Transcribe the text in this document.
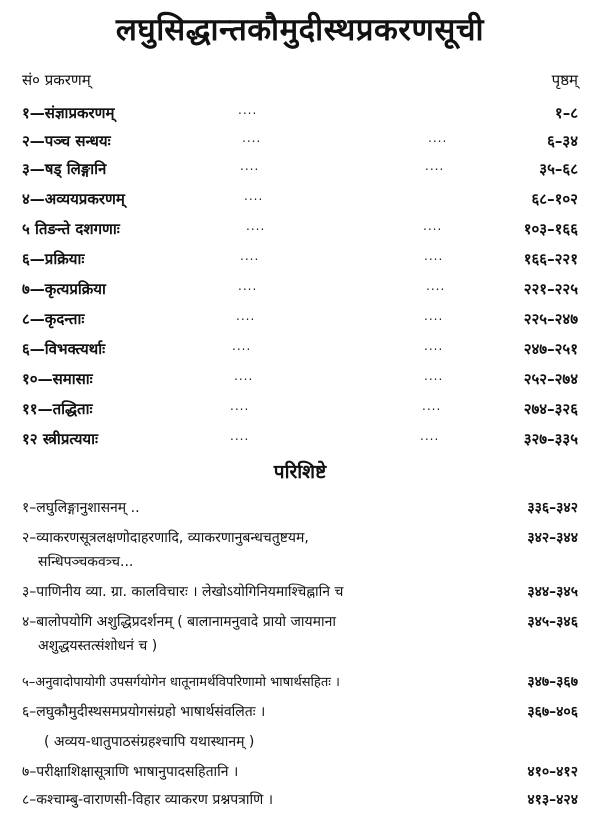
लघुसिद्धान्तकौमुदीस्थप्रकरणसूची
सं० प्रकरणम्	पृष्ठम्
१—संज्ञाप्रकरणम्	....	१–८
२—पञ्च सन्धयः	....	....	६–३४
३—षड् लिङ्गानि	....	....	३५–६८
४—अव्ययप्रकरणम्	....	६८–१०२
५ तिङन्ते दशगणाः	....	....	१०३–१६६
६—प्रक्रियाः	....	....	१६६–२२१
७—कृत्यप्रक्रिया	....	....	२२१–२२५
८—कृदन्ताः	....	....	२२५–२४७
६—विभक्त्यर्थाः	....	....	२४७–२५१
१०—समासाः	....	....	२५२–२७४
११—तद्धिताः	....	....	२७४–३२६
१२ स्त्रीप्रत्ययाः	....	....	३२७–३३५
परिशिष्टे
१–लघुलिङ्गानुशासनम् ..	३३६–३४२
२–व्याकरणसूत्रलक्षणोदाहरणादि, व्याकरणानुबन्धचतुष्टयम,	३४२–३४४
सन्धिपञ्चकवत्र्च...
३–पाणिनीय व्या. ग्रा. कालविचारः । लेखोऽयोगिनियमाश्चिह्नानि च	३४४–३४५
४–बालोपयोगि अशुद्धिप्रदर्शनम् ( बालानामनुवादे प्रायो जायमाना	३४५–३४६
अशुद्धयस्तत्संशोधनं च )
५–अनुवादोपायोगी उपसर्गयोगेन धातूनामर्थविपरिणामो भाषार्थसहितः ।	३४७–३६७
६–लघुकौमुदीस्थसमप्रयोगसंग्रहो भाषार्थसंवलितः ।	३६७–४०६
( अव्यय-धातुपाठसंग्रहश्चापि यथास्थानम् )
७–परीक्षाशिक्षासूत्राणि भाषानुपादसहितानि ।	४१०–४१२
८–कश्चाम्बु-वाराणसी-विहार व्याकरण प्रश्नपत्राणि ।	४१३–४२४
